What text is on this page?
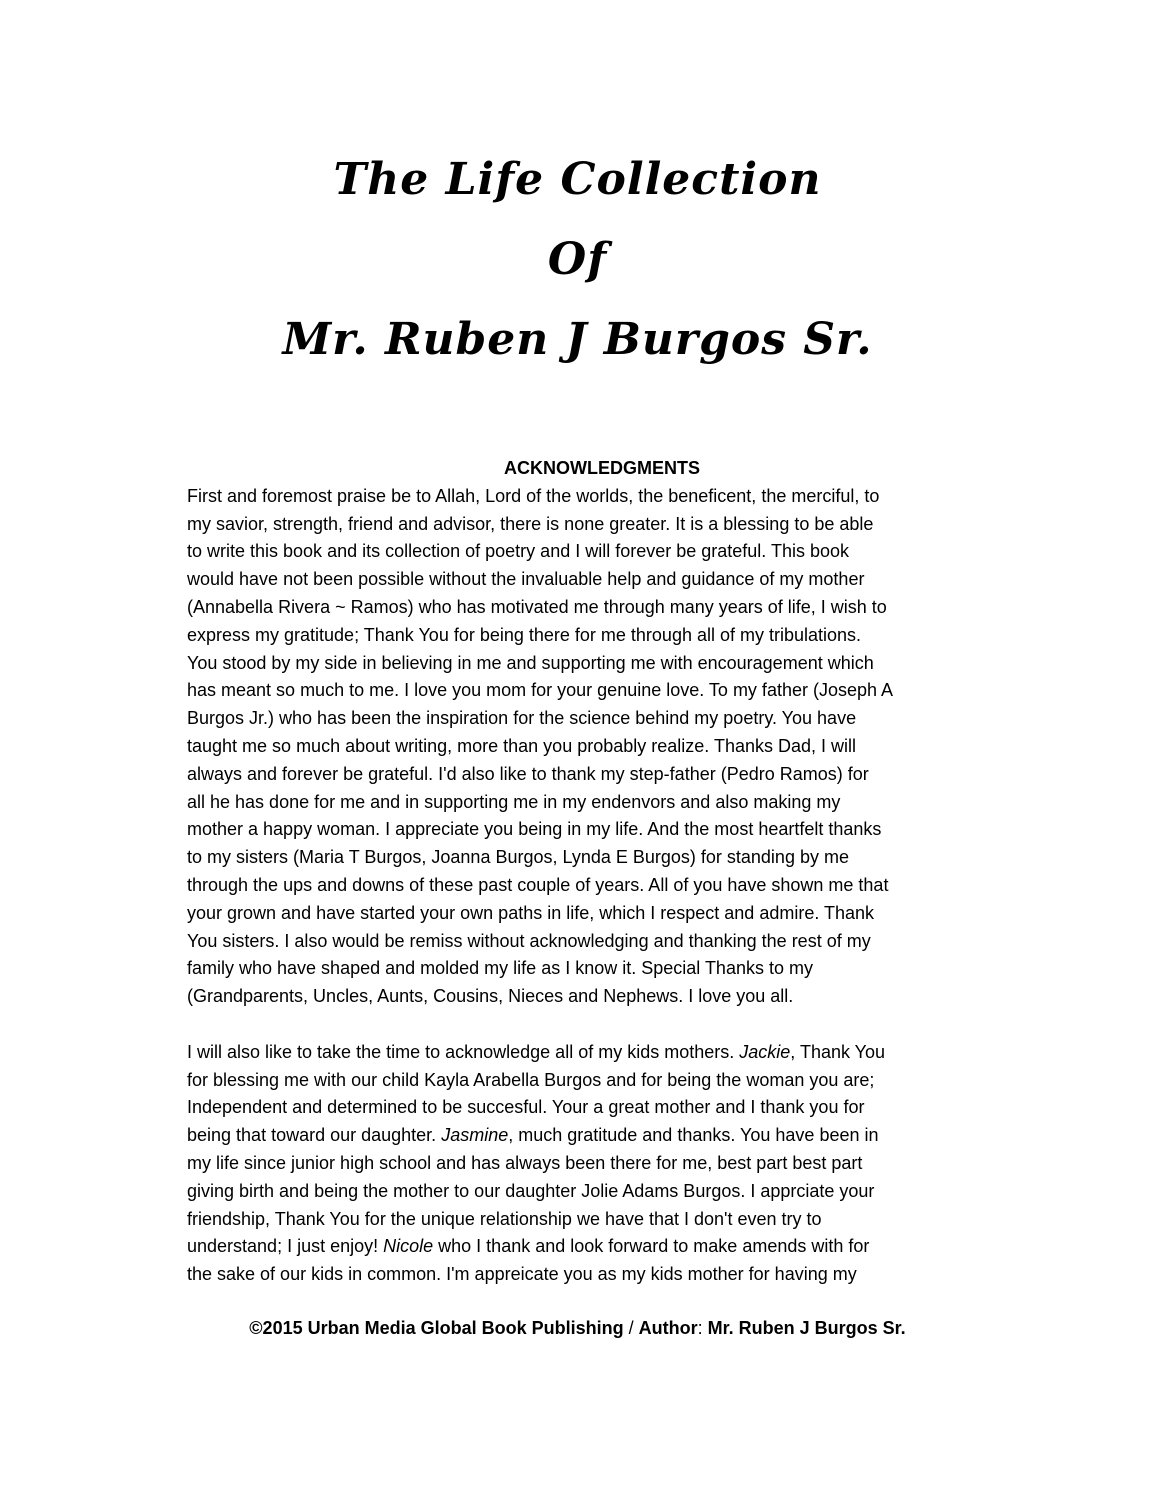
The Life Collection
Of
Mr. Ruben J Burgos Sr.
ACKNOWLEDGMENTS
First and foremost praise be to Allah, Lord of the worlds, the beneficent, the merciful, to
my savior, strength, friend and advisor, there is none greater. It is a blessing to be able
to write this book and its collection of poetry and I will forever be grateful. This book
would have not been possible without the invaluable help and guidance of my mother
(Annabella Rivera ~ Ramos) who has motivated me through many years of life, I wish to
express my gratitude; Thank You for being there for me through all of my tribulations.
You stood by my side in believing in me and supporting me with encouragement which
has meant so much to me. I love you mom for your genuine love. To my father (Joseph A
Burgos Jr.) who has been the inspiration for the science behind my poetry. You have
taught me so much about writing, more than you probably realize. Thanks Dad, I will
always and forever be grateful. I'd also like to thank my step-father (Pedro Ramos) for
all he has done for me and in supporting me in my endenvors and also making my
mother a happy woman. I appreciate you being in my life. And the most heartfelt thanks
to my sisters (Maria T Burgos, Joanna Burgos, Lynda E Burgos) for standing by me
through the ups and downs of these past couple of years. All of you have shown me that
your grown and have started your own paths in life, which I respect and admire. Thank
You sisters. I also would be remiss without acknowledging and thanking the rest of my
family who have shaped and molded my life as I know it. Special Thanks to my
(Grandparents, Uncles, Aunts, Cousins, Nieces and Nephews. I love you all.
I will also like to take the time to acknowledge all of my kids mothers. Jackie, Thank You
for blessing me with our child Kayla Arabella Burgos and for being the woman you are;
Independent and determined to be succesful. Your a great mother and I thank you for
being that toward our daughter. Jasmine, much gratitude and thanks. You have been in
my life since junior high school and has always been there for me, best part best part
giving birth and being the mother to our daughter Jolie Adams Burgos. I apprciate your
friendship, Thank You for the unique relationship we have that I don't even try to
understand; I just enjoy! Nicole who I thank and look forward to make amends with for
the sake of our kids in common. I'm appreicate you as my kids mother for having my
©2015 Urban Media Global Book Publishing / Author: Mr. Ruben J Burgos Sr.
